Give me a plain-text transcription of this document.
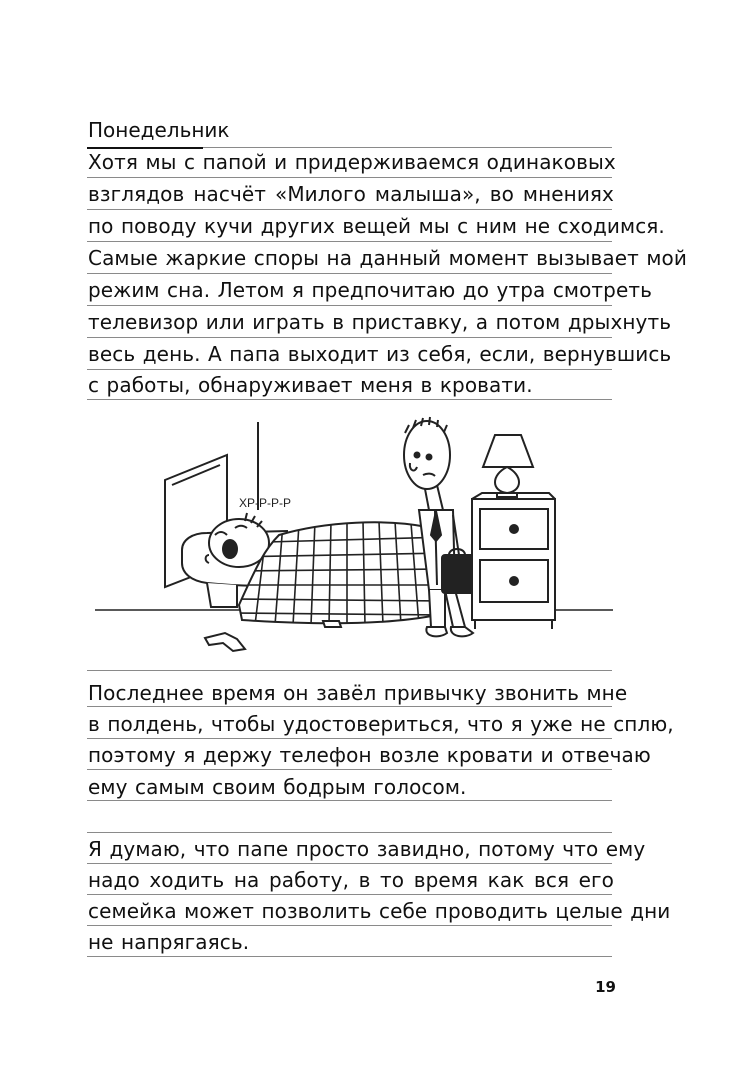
Понедельник
Хотя мы с папой и придерживаемся одинаковых
взглядов насчёт «Милого малыша», во мнениях
по поводу кучи других вещей мы с ним не сходимся.
Самые жаркие споры на данный момент вызывает мой
режим сна. Летом я предпочитаю до утра смотреть
телевизор или играть в приставку, а потом дрыхнуть
весь день. А папа выходит из себя, если, вернувшись
с работы, обнаруживает меня в кровати.
ХР-Р-Р-Р
Последнее время он завёл привычку звонить мне
в полдень, чтобы удостовериться, что я уже не сплю,
поэтому я держу телефон возле кровати и отвечаю
ему самым своим бодрым голосом.
Я думаю, что папе просто завидно, потому что ему
надо ходить на работу, в то время как вся его
семейка может позволить себе проводить целые дни
не напрягаясь.
19
